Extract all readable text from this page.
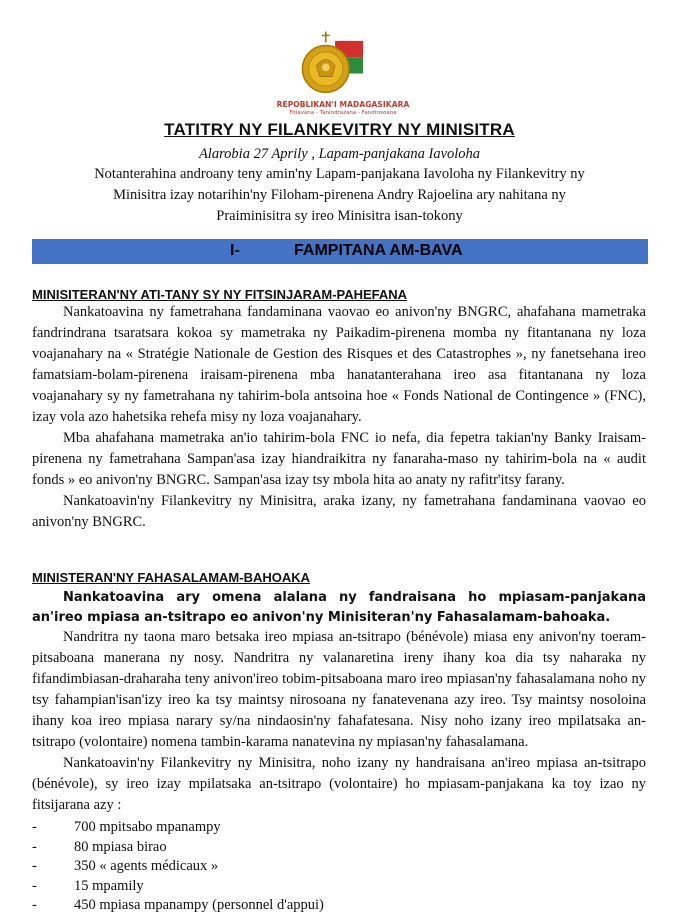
REPOBLIKAN'I MADAGASIKARA
Fitiavana - Tanindrazana - Fandrosoana
TATITRY NY FILANKEVITRY NY MINISITRA
Alarobia 27 Aprily , Lapam-panjakana Iavoloha
Notanterahina androany teny amin'ny Lapam-panjakana Iavoloha ny Filankevitry ny
Minisitra izay notarihin'ny Filoham-pirenena Andry Rajoelina ary nahitana ny
Praiminisitra sy ireo Minisitra isan-tokony
I-	FAMPITANA AM-BAVA
MINISITERAN'NY ATI-TANY SY NY FITSINJARAM-PAHEFANA

Nankatoavina ny fametrahana fandaminana vaovao eo anivon'ny BNGRC, ahafahana mametraka fandrindrana tsaratsara kokoa sy mametraka ny Paikadim-pirenena momba ny fitantanana ny loza voajanahary na « Stratégie Nationale de Gestion des Risques et des Catastrophes », ny fanetsehana ireo famatsiam-bolam-pirenena iraisam-pirenena mba hanatanterahana ireo asa fitantanana ny loza voajanahary sy ny fametrahana ny tahirim-bola antsoina hoe « Fonds National de Contingence » (FNC), izay vola azo hahetsika rehefa misy ny loza voajanahary.

Mba ahafahana mametraka an'io tahirim-bola FNC io nefa, dia fepetra takian'ny Banky Iraisam-pirenena ny fametrahana Sampan'asa izay hiandraikitra ny fanaraha-maso ny tahirim-bola na « audit fonds » eo anivon'ny BNGRC. Sampan'asa izay tsy mbola hita ao anaty ny rafitr'itsy farany.

Nankatoavin'ny Filankevitry ny Minisitra, araka izany, ny fametrahana fandaminana vaovao eo anivon'ny BNGRC.

MINISTERAN'NY FAHASALAMAM-BAHOAKA
Nankatoavina ary omena alalana ny fandraisana ho mpiasam-panjakana an'ireo mpiasa an-tsitrapo eo anivon'ny Minisiteran'ny Fahasalamam-bahoaka.

Nandritra ny taona maro betsaka ireo mpiasa an-tsitrapo (bénévole) miasa eny anivon'ny toeram-pitsaboana manerana ny nosy. Nandritra ny valanaretina ireny ihany koa dia tsy naharaka ny fifandimbiasan-draharaha teny anivon'ireo tobim-pitsaboana maro ireo mpiasan'ny fahasalamana noho ny tsy fahampian'isan'izy ireo ka tsy maintsy nirosoana ny fanatevenana azy ireo. Tsy maintsy nosoloina ihany koa ireo mpiasa narary sy/na nindaosin'ny fahafatesana. Nisy noho izany ireo mpilatsaka an-tsitrapo (volontaire) nomena tambin-karama nanatevina ny mpiasan'ny fahasalamana.

Nankatoavin'ny Filankevitry ny Minisitra, noho izany ny handraisana an'ireo mpiasa an-tsitrapo (bénévole), sy ireo izay mpilatsaka an-tsitrapo (volontaire) ho mpiasam-panjakana ka toy izao ny fitsijarana azy :

-	700 mpitsabo mpanampy
-	80 mpiasa birao
-	350 « agents médicaux »
-	15 mpamily
-	450 mpiasa mpanampy (personnel d'appui)
